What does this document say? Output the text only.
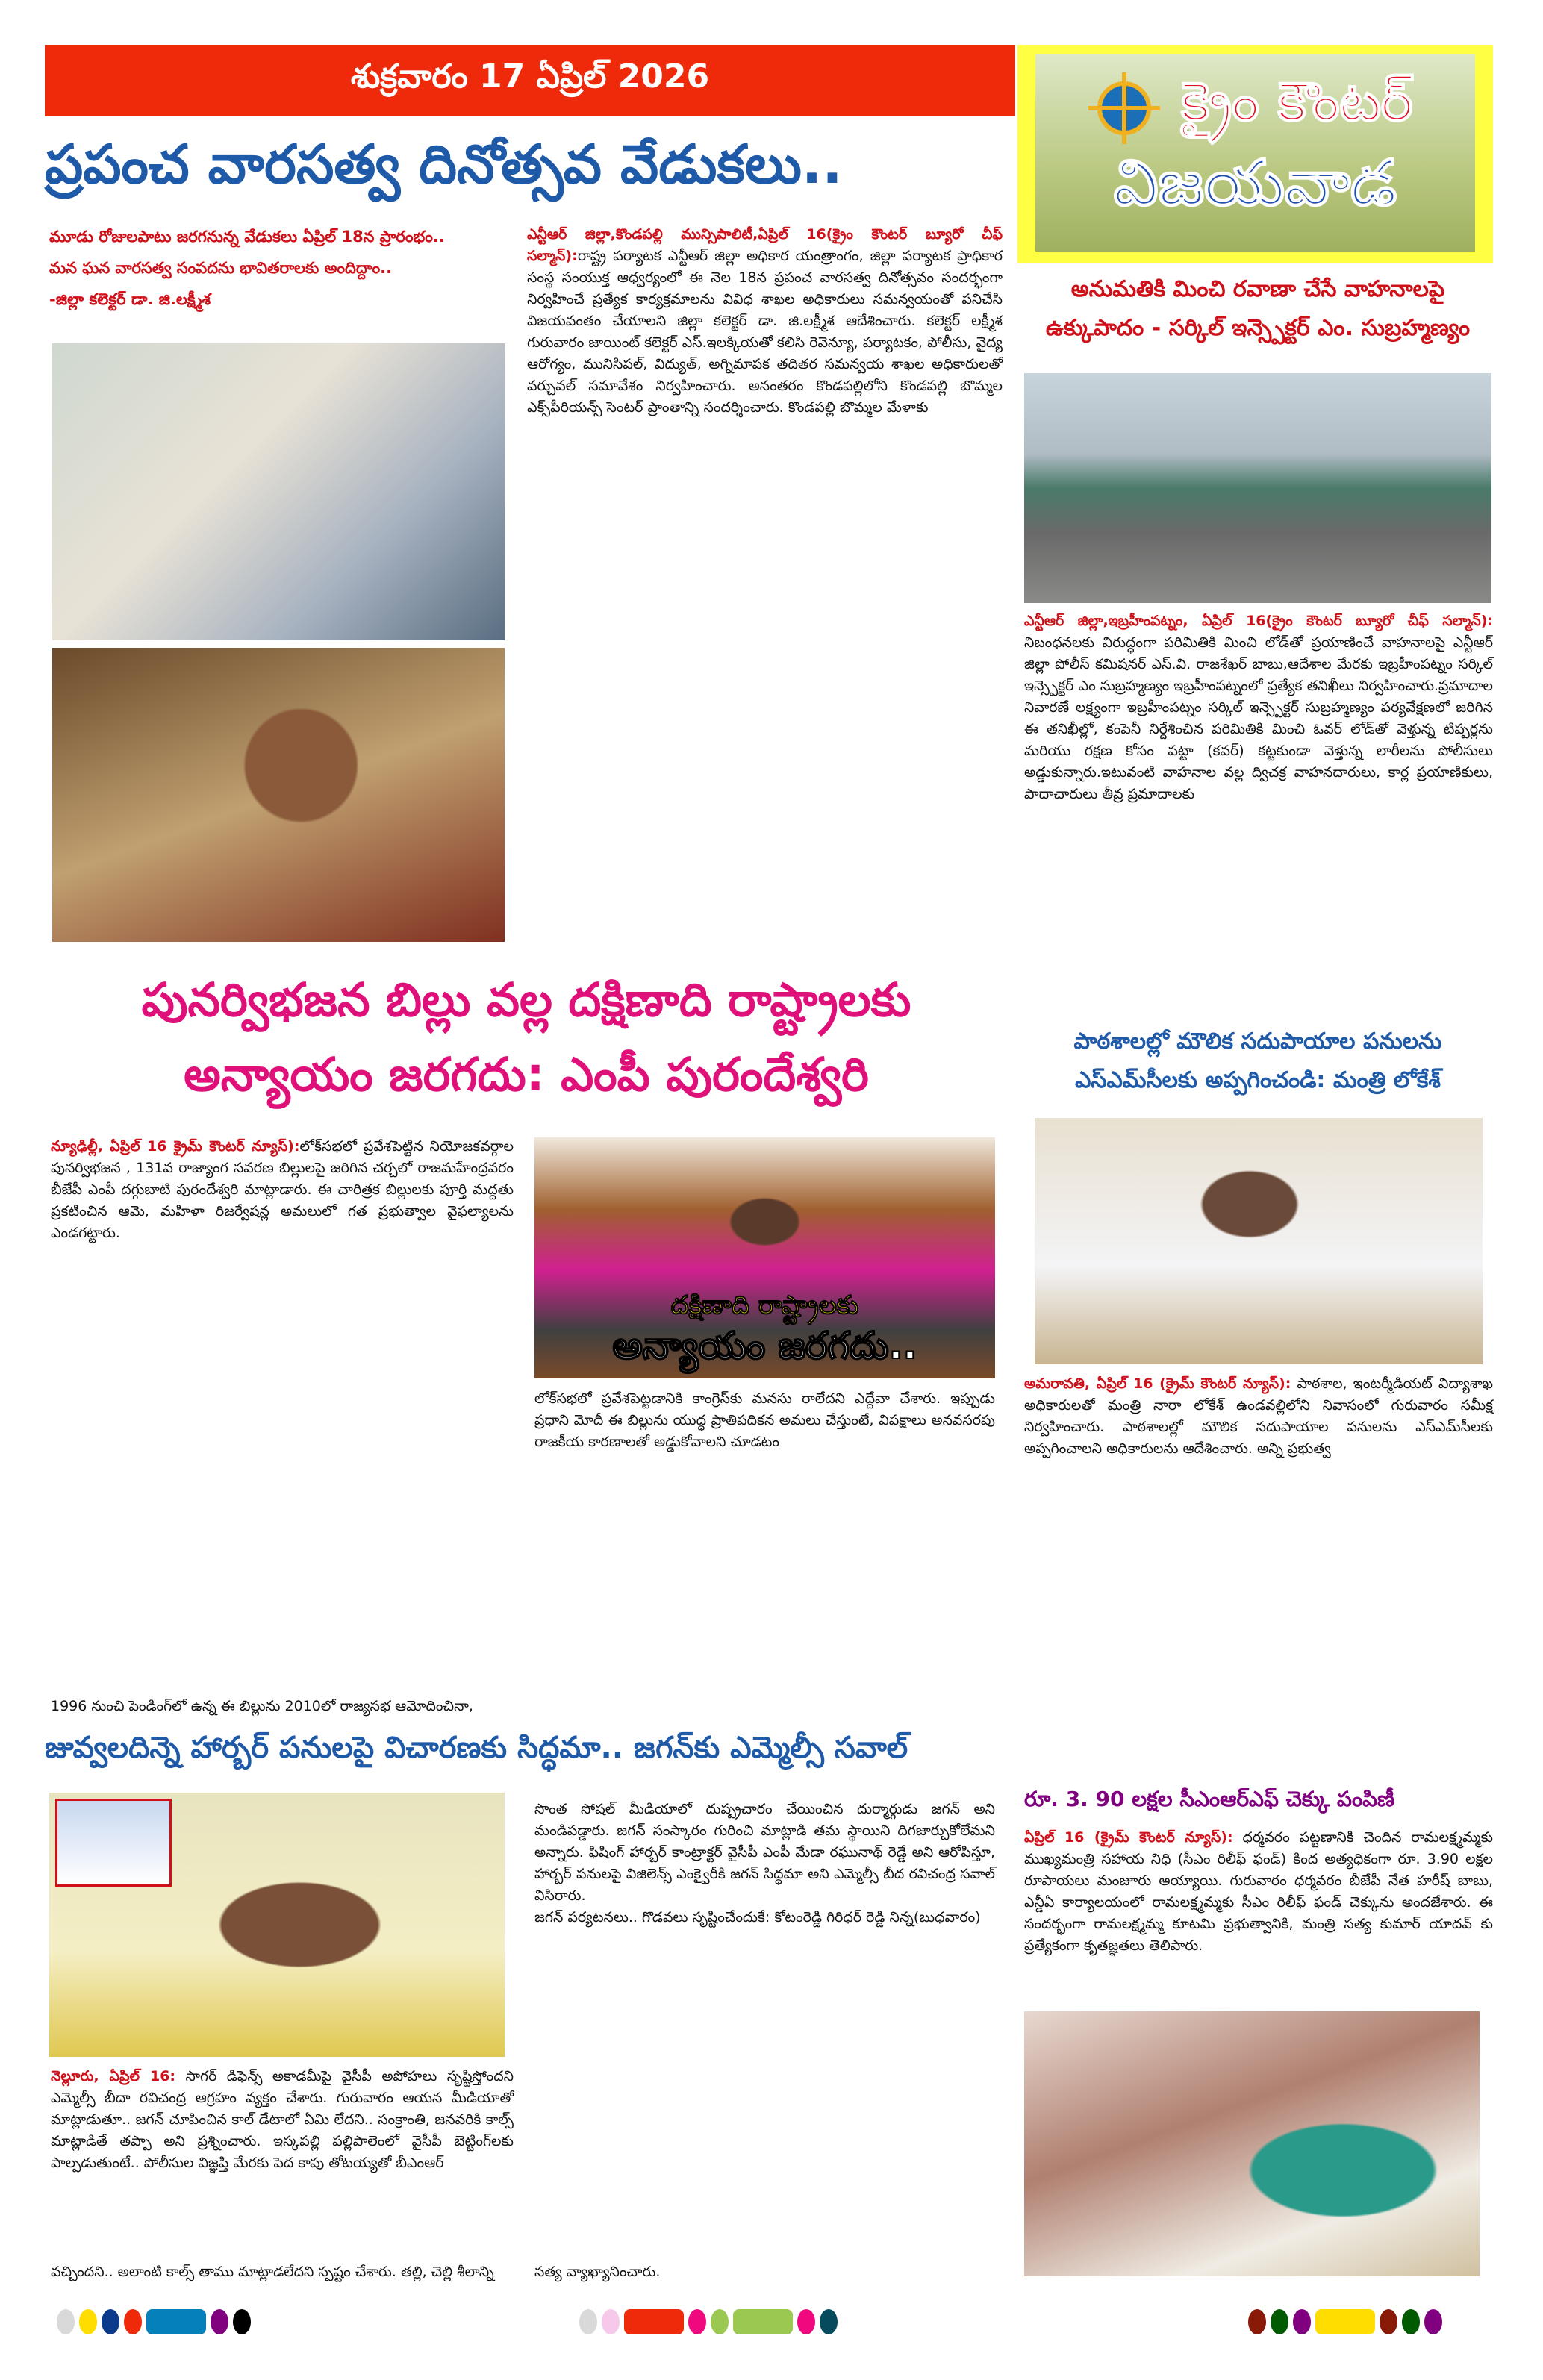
శుక్రవారం 17 ఏప్రిల్ 2026	క్రైం కౌంటర్
విజయవాడ
ప్రపంచ వారసత్వ దినోత్సవ వేడుకలు..
మూడు రోజులపాటు జరగనున్న వేడుకలు ఏప్రిల్ 18న ప్రారంభం..
మన ఘన వారసత్వ సంపదను భావితరాలకు అందిద్దాం..
-జిల్లా కలెక్టర్ డా. జి.లక్ష్మీశ
ఎన్టీఆర్ జిల్లా,కొండపల్లి మున్సిపాలిటీ,ఏప్రిల్ 16(క్రైం కౌంటర్ బ్యూరో చీఫ్ సల్మాన్):రాష్ట్ర పర్యాటక ఎన్టీఆర్ జిల్లా అధికార యంత్రాంగం, జిల్లా పర్యాటక ప్రాధికార సంస్థ సంయుక్త ఆధ్వర్యంలో ఈ నెల 18న ప్రపంచ వారసత్వ దినోత్సవం సందర్భంగా నిర్వహించే ప్రత్యేక కార్యక్రమాలను వివిధ శాఖల అధికారులు సమన్వయంతో పనిచేసి విజయవంతం చేయాలని జిల్లా కలెక్టర్ డా. జి.లక్ష్మీశ ఆదేశించారు. కలెక్టర్ లక్ష్మీశ గురువారం జాయింట్ కలెక్టర్ ఎస్.ఇలక్కియతో కలిసి రెవెన్యూ, పర్యాటకం, పోలీసు, వైద్య ఆరోగ్యం, మునిసిపల్, విద్యుత్, అగ్నిమాపక తదితర సమన్వయ శాఖల అధికారులతో వర్చువల్ సమావేశం నిర్వహించారు. అనంతరం కొండపల్లిలోని కొండపల్లి బొమ్మల ఎక్స్‌పీరియన్స్ సెంటర్ ప్రాంతాన్ని సందర్శించారు. కొండపల్లి బొమ్మల మేళాకు
అనుమతికి మించి రవాణా చేసే వాహనాలపై
ఉక్కుపాదం - సర్కిల్ ఇన్స్పెక్టర్ ఎం. సుబ్రహ్మణ్యం
ఎన్టీఆర్ జిల్లా,ఇబ్రహీంపట్నం, ఏప్రిల్ 16(క్రైం కౌంటర్ బ్యూరో చీఫ్ సల్మాన్): నిబంధనలకు విరుద్ధంగా పరిమితికి మించి లోడ్‌తో ప్రయాణించే వాహనాలపై ఎన్టీఆర్ జిల్లా పోలీస్ కమిషనర్ ఎస్.వి. రాజశేఖర్ బాబు,ఆదేశాల మేరకు ఇబ్రహీంపట్నం సర్కిల్ ఇన్స్పెక్టర్ ఎం సుబ్రహ్మణ్యం ఇబ్రహీంపట్నంలో ప్రత్యేక తనిఖీలు నిర్వహించారు.ప్రమాదాల నివారణే లక్ష్యంగా ఇబ్రహీంపట్నం సర్కిల్ ఇన్స్పెక్టర్ సుబ్రహ్మణ్యం పర్యవేక్షణలో జరిగిన ఈ తనిఖీల్లో, కంపెనీ నిర్దేశించిన పరిమితికి మించి ఓవర్ లోడ్‌తో వెళ్తున్న టిప్పర్లను మరియు రక్షణ కోసం పట్టా (కవర్) కట్టకుండా వెళ్తున్న లారీలను పోలీసులు అడ్డుకున్నారు.ఇటువంటి వాహనాల వల్ల ద్విచక్ర వాహనదారులు, కార్ల ప్రయాణికులు, పాదాచారులు తీవ్ర ప్రమాదాలకు
పాఠశాలల్లో మౌలిక సదుపాయాల పనులను
ఎస్ఎమ్‌సీలకు అప్పగించండి: మంత్రి లోకేశ్
అమరావతి, ఏప్రిల్ 16 (క్రైమ్ కౌంటర్ న్యూస్): పాఠశాల, ఇంటర్మీడియట్ విద్యాశాఖ అధికారులతో మంత్రి నారా లోకేశ్ ఉండవల్లిలోని నివాసంలో గురువారం సమీక్ష నిర్వహించారు. పాఠశాలల్లో మౌలిక సదుపాయాల పనులను ఎస్ఎమ్‌సీలకు అప్పగించాలని అధికారులను ఆదేశించారు. అన్ని ప్రభుత్వ
రూ. 3. 90 లక్షల సీఎంఆర్ఎఫ్ చెక్కు పంపిణీ
ఏప్రిల్ 16 (క్రైమ్ కౌంటర్ న్యూస్): ధర్మవరం పట్టణానికి చెందిన రామలక్ష్మమ్మకు ముఖ్యమంత్రి సహాయ నిధి (సీఎం రిలీఫ్ ఫండ్) కింద అత్యధికంగా రూ. 3.90 లక్షల రూపాయలు మంజూరు అయ్యాయి. గురువారం ధర్మవరం బీజేపీ నేత హరీష్ బాబు, ఎన్డీఏ కార్యాలయంలో రామలక్ష్మమ్మకు సీఎం రిలీఫ్ ఫండ్ చెక్కును అందజేశారు. ఈ సందర్భంగా రామలక్ష్మమ్మ కూటమి ప్రభుత్వానికి, మంత్రి సత్య కుమార్ యాదవ్ కు ప్రత్యేకంగా కృతజ్ఞతలు తెలిపారు.
పునర్విభజన బిల్లు వల్ల దక్షిణాది రాష్ట్రాలకు
అన్యాయం జరగదు: ఎంపీ పురందేశ్వరి
న్యూఢిల్లీ, ఏప్రిల్ 16 క్రైమ్ కౌంటర్ న్యూస్):లోక్‌సభలో ప్రవేశపెట్టిన నియోజకవర్గాల పునర్విభజన , 131వ రాజ్యాంగ సవరణ బిల్లులపై జరిగిన చర్చలో రాజమహేంద్రవరం బీజేపీ ఎంపీ దగ్గుబాటి పురందేశ్వరి మాట్లాడారు. ఈ చారిత్రక బిల్లులకు పూర్తి మద్దతు ప్రకటించిన ఆమె, మహిళా రిజర్వేషన్ల అమలులో గత ప్రభుత్వాల వైఫల్యాలను ఎండగట్టారు.
1996 నుంచి పెండింగ్‌లో ఉన్న ఈ బిల్లును 2010లో రాజ్యసభ ఆమోదించినా,
దక్షిణాది రాష్ట్రాలకు
అన్యాయం జరగదు..
లోక్‌సభలో ప్రవేశపెట్టడానికి కాంగ్రెస్‌కు మనసు రాలేదని ఎద్దేవా చేశారు. ఇప్పుడు ప్రధాని మోదీ ఈ బిల్లును యుద్ధ ప్రాతిపదికన అమలు చేస్తుంటే, విపక్షాలు అనవసరపు రాజకీయ కారణాలతో అడ్డుకోవాలని చూడటం
జువ్వలదిన్నె హార్బర్ పనులపై విచారణకు సిద్ధమా.. జగన్‌కు ఎమ్మెల్సీ సవాల్
నెల్లూరు, ఏప్రిల్ 16: సాగర్ డిఫెన్స్ అకాడమీపై వైసీపీ అపోహలు సృష్టిస్తోందని ఎమ్మెల్సీ బీదా రవిచంద్ర ఆగ్రహం వ్యక్తం చేశారు. గురువారం ఆయన మీడియాతో మాట్లాడుతూ.. జగన్ చూపించిన కాల్ డేటాలో ఏమి లేదని.. సంక్రాంతి, జనవరికి కాల్స్ మాట్లాడితే తప్పా అని ప్రశ్నించారు. ఇస్కపల్లి పల్లిపాలెంలో వైసీపీ బెట్టింగ్‌లకు పాల్పడుతుంటే.. పోలీసుల విజ్ఞప్తి మేరకు పెద కాపు తోటయ్యతో బీఎంఆర్
వచ్చిందని.. అలాంటి కాల్స్ తాము మాట్లాడలేదని స్పష్టం చేశారు. తల్లి, చెల్లి శీలాన్ని
సొంత సోషల్ మీడియాలో దుష్ప్రచారం చేయించిన దుర్మార్గుడు జగన్ అని మండిపడ్డారు. జగన్ సంస్కారం గురించి మాట్లాడి తమ స్థాయిని దిగజార్చుకోలేమని అన్నారు. ఫిషింగ్ హార్బర్ కాంట్రాక్టర్ వైసీపీ ఎంపీ మేడా రఘునాథ్ రెడ్డే అని ఆరోపిస్తూ, హార్బర్ పనులపై విజిలెన్స్ ఎంక్వైరీకి జగన్ సిద్ధమా అని ఎమ్మెల్సీ బీద రవిచంద్ర సవాల్ విసిరారు.
జగన్ పర్యటనలు.. గొడవలు సృష్టించేందుకే: కోటంరెడ్డి గిరిధర్ రెడ్డి నిన్న(బుధవారం)
సత్య వ్యాఖ్యానించారు.
